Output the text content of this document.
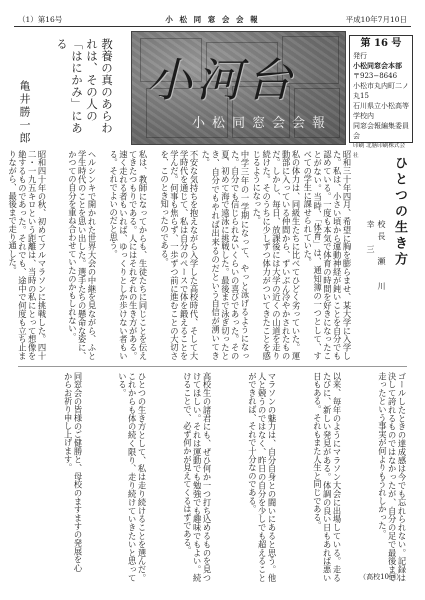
（1）第16号	小 松 同 窓 会 会 報	平成10年7月10日
教養の真のあらわれは、その人の「はにかみ」にある
亀井勝一郎	小河台
小松同窓会会報
第 16 号
発行
小松同窓会本部
〒923−8646
小松市丸内町二ノ丸15
石川県立小松高等学校内
同窓会報編集委員会
印刷 北膳印刷株式会社	ひとつの生き方
校長 瀬 川 幸 三
昭和三十年四月、希望に胸を膨らませ、某大学に入学した。私は、小さい頃から運動神経が鈍いことを自分でも認めている。一度も本気で体育の時間を好きになったことがない。当時、「体育」は、通知簿の一つとして、すべての学生に課せられていた。
私の体力は、同級生たちに比べてひどく劣っていた。運動部に入っている仲間から、ずいぶん冷やかされたものだ。しかし、毎日、放課後には大学の近くの山道を走り続けた。そのうちに少しずつ体力がついてきたことを感じるようになった。
中学三年の一学期になって、やっと泳げるようになった。自分でも信じられないくらいの喜びであった。その夏、初めて海で遠泳に挑戦した。最後まで泳ぎ切ったとき、自分でもやれば出来るのだという自信が湧いてきた。
不安な気持ちを抱えながら入学した高校時代、そして大学時代を通じて、私は自分のペースで体を鍛えることを学んだ。何事も焦らず、一歩ずつ前に進むことの大切さを、このとき知ったのである。
私は、教師になってからも、生徒たちに同じことを伝えてきたつもりである。人にはそれぞれの生き方がある。速く走れる者もいれば、ゆっくりとしか歩けない者もいる。それでよいのだと思う。
ヘルシンキで開かれた世界大会の中継を見ながら、ふと学生時代のことを思い出した。選手たちの懸命な姿に、かつての自分を重ね合わせていたのかもしれない。
昭和四十年の秋、初めてフルマラソンに挑戦した。四十二・一九五キロという距離は、当時の私にとって想像を絶するものであった。それでも、途中で何度も立ち止まりながら、最後まで走り通した。
ゴールしたときの達成感は今でも忘れられない。記録は決して誇れるものではなかったが、自分の足で最後まで走ったという事実が何よりもうれしかった。
以来、毎年のようにマラソン大会に出場している。走るたびに、新しい発見がある。体調の良い日もあれば悪い日もある。それもまた人生と同じである。
マラソンの魅力は、自分自身との闘いにあると思う。他人と競うのではなく、昨日の自分を少しでも超えることができれば、それで十分なのである。
高校生の諸君にも、ぜひ何か一つ打ち込めるものを見つけてほしい。それは運動でも勉強でも趣味でもよい。続けることで、必ず何かが見えてくるはずである。
ひとつの生き方として、私は走り続けることを選んだ。これからも体の続く限り、走り続けていきたいと思っている。
同窓会の皆様のご健勝と、母校のますますの発展を心からお祈り申し上げます。
（高校10回）
